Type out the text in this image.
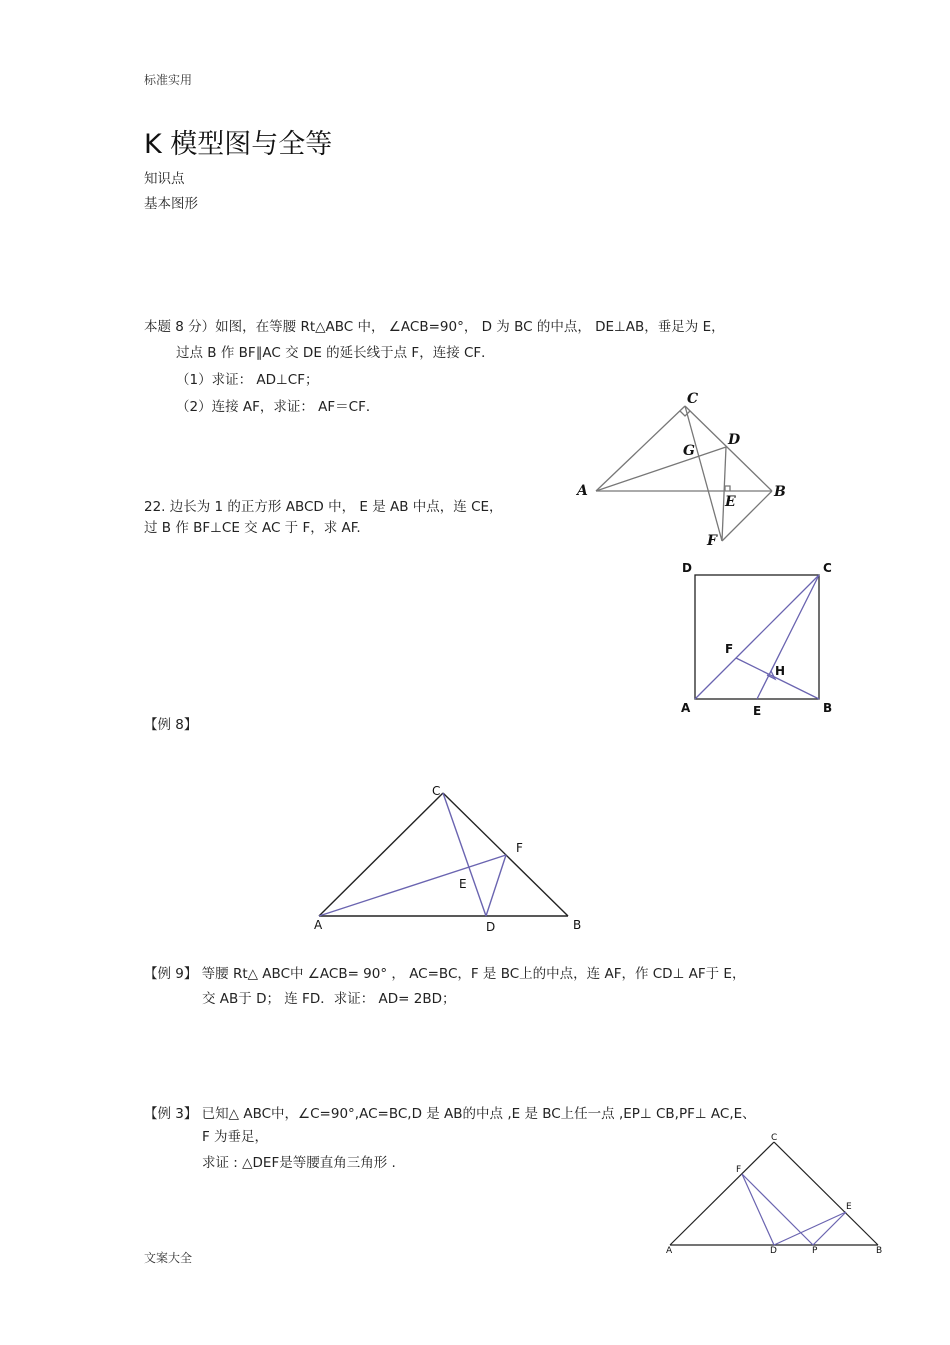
标准实用
文案大全
K 模型图与全等
知识点
基本图形
本题 8 分）如图，在等腰 Rt△ABC 中， ∠ACB=90°， D 为 BC 的中点， DE⊥AB，垂足为 E，
过点 B 作 BF∥AC 交 DE 的延长线于点 F，连接 CF．
（1）求证： AD⊥CF；
（2）连接 AF，求证： AF＝CF．
22. 边长为 1 的正方形 ABCD 中， E 是 AB 中点，连 CE，
过 B 作 BF⊥CE 交 AC 于 F，求 AF.
【例 8】
【例 9】 等腰 Rt△ ABC中 ∠ACB= 90° ， AC=BC，F 是 BC上的中点，连 AF，作 CD⊥ AF于 E，
交 AB于 D； 连 FD．求证： AD= 2BD；
【例 3】 已知△ ABC中，∠C=90°,AC=BC,D 是 AB的中点 ,E 是 BC上任一点 ,EP⊥ CB,PF⊥ AC,E、
F 为垂足，
求证 : △DEF是等腰直角三角形 .
C
D
G
A
E
B
F
D	C
F
H
A	E	B
C
F
E
A	D	B
C
F
E
A	D	P	B
